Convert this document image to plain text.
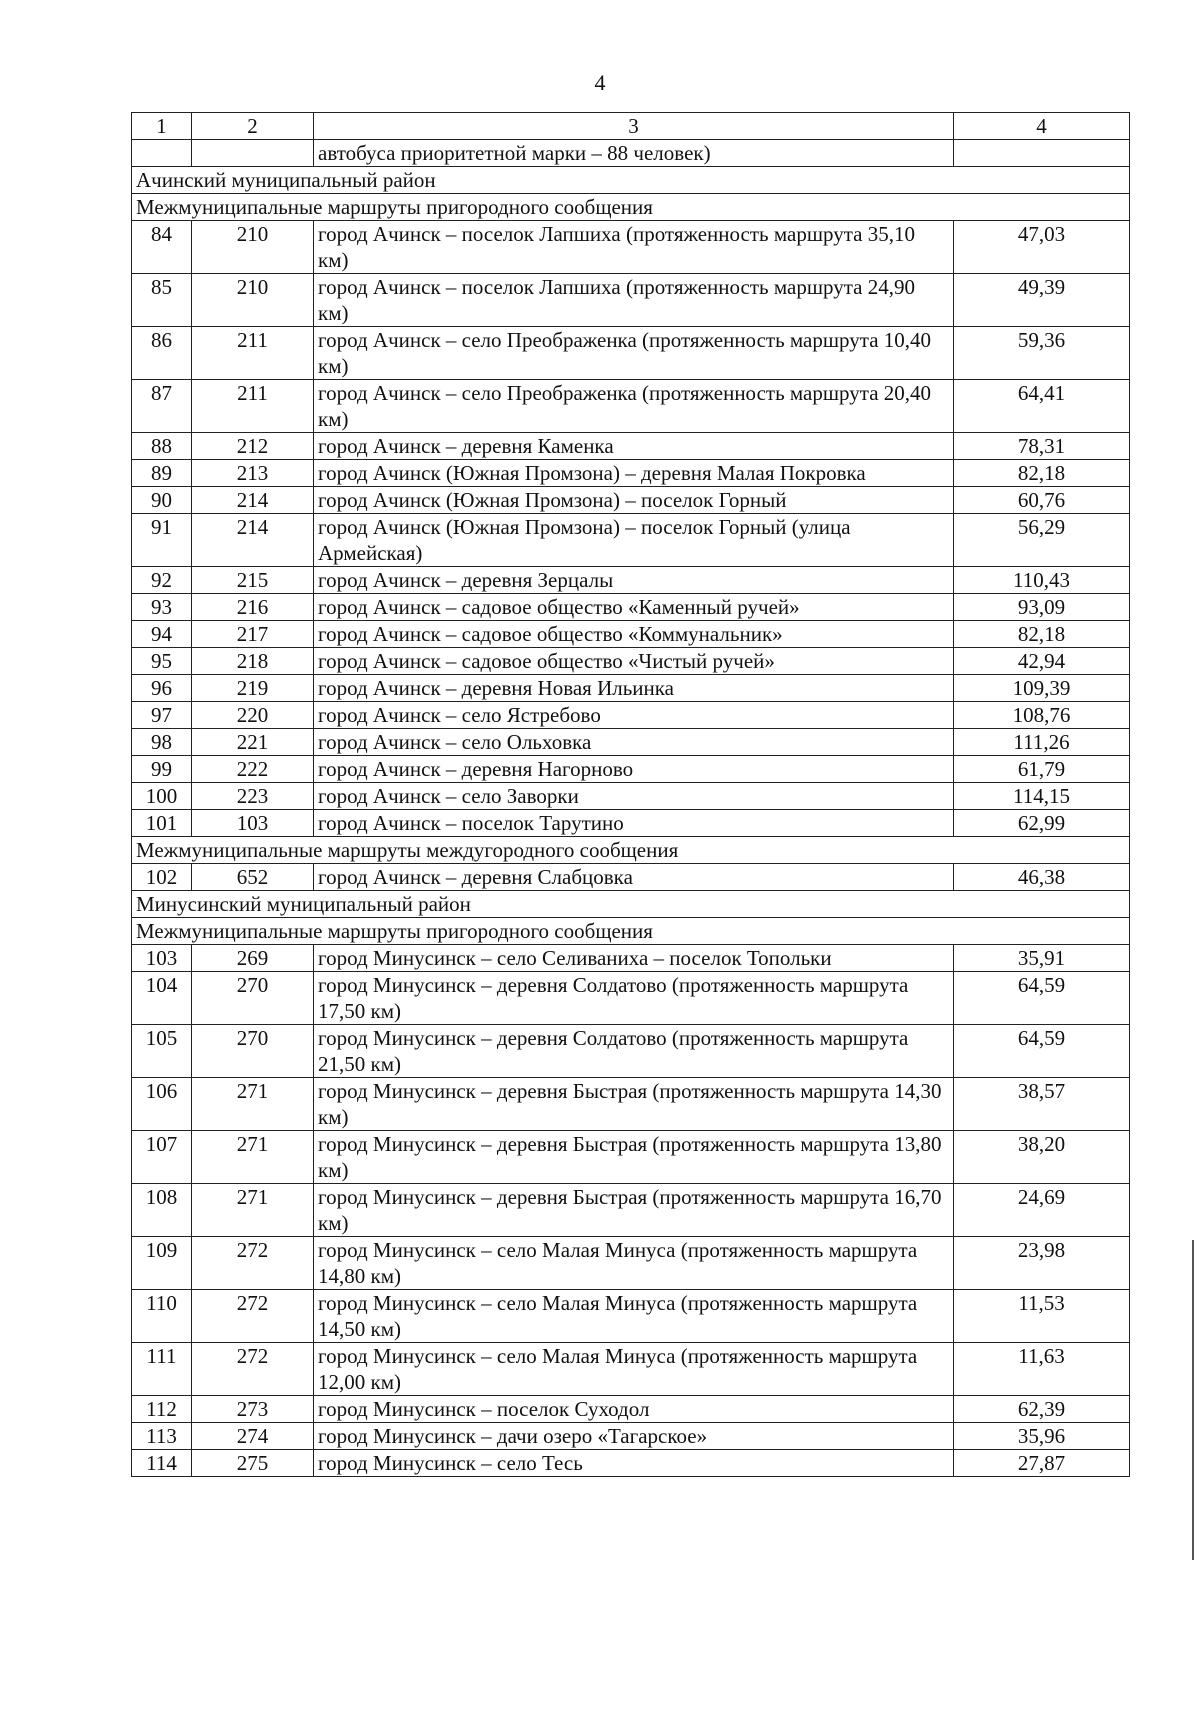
4
1	2	3	4
		автобуса приоритетной марки – 88 человек)	
Ачинский муниципальный район			
Межмуниципальные маршруты пригородного сообщения			
84	210	город Ачинск – поселок Лапшиха (протяженность маршрута 35,10 км)	47,03
85	210	город Ачинск – поселок Лапшиха (протяженность маршрута 24,90 км)	49,39
86	211	город Ачинск – село Преображенка (протяженность маршрута 10,40 км)	59,36
87	211	город Ачинск – село Преображенка (протяженность маршрута 20,40 км)	64,41
88	212	город Ачинск – деревня Каменка	78,31
89	213	город Ачинск (Южная Промзона) – деревня Малая Покровка	82,18
90	214	город Ачинск (Южная Промзона) – поселок Горный	60,76
91	214	город Ачинск (Южная Промзона) – поселок Горный (улица Армейская)	56,29
92	215	город Ачинск – деревня Зерцалы	110,43
93	216	город Ачинск – садовое общество «Каменный ручей»	93,09
94	217	город Ачинск – садовое общество «Коммунальник»	82,18
95	218	город Ачинск – садовое общество «Чистый ручей»	42,94
96	219	город Ачинск – деревня Новая Ильинка	109,39
97	220	город Ачинск – село Ястребово	108,76
98	221	город Ачинск – село Ольховка	111,26
99	222	город Ачинск – деревня Нагорново	61,79
100	223	город Ачинск – село Заворки	114,15
101	103	город Ачинск – поселок Тарутино	62,99
Межмуниципальные маршруты междугородного сообщения			
102	652	город Ачинск – деревня Слабцовка	46,38
Минусинский муниципальный район			
Межмуниципальные маршруты пригородного сообщения			
103	269	город Минусинск – село Селиваниха – поселок Топольки	35,91
104	270	город Минусинск – деревня Солдатово (протяженность маршрута 17,50 км)	64,59
105	270	город Минусинск – деревня Солдатово (протяженность маршрута 21,50 км)	64,59
106	271	город Минусинск – деревня Быстрая (протяженность маршрута 14,30 км)	38,57
107	271	город Минусинск – деревня Быстрая (протяженность маршрута 13,80 км)	38,20
108	271	город Минусинск – деревня Быстрая (протяженность маршрута 16,70 км)	24,69
109	272	город Минусинск – село Малая Минуса (протяженность маршрута 14,80 км)	23,98
110	272	город Минусинск – село Малая Минуса (протяженность маршрута 14,50 км)	11,53
111	272	город Минусинск – село Малая Минуса (протяженность маршрута 12,00 км)	11,63
112	273	город Минусинск – поселок Суходол	62,39
113	274	город Минусинск – дачи озеро «Тагарское»	35,96
114	275	город Минусинск – село Тесь	27,87
